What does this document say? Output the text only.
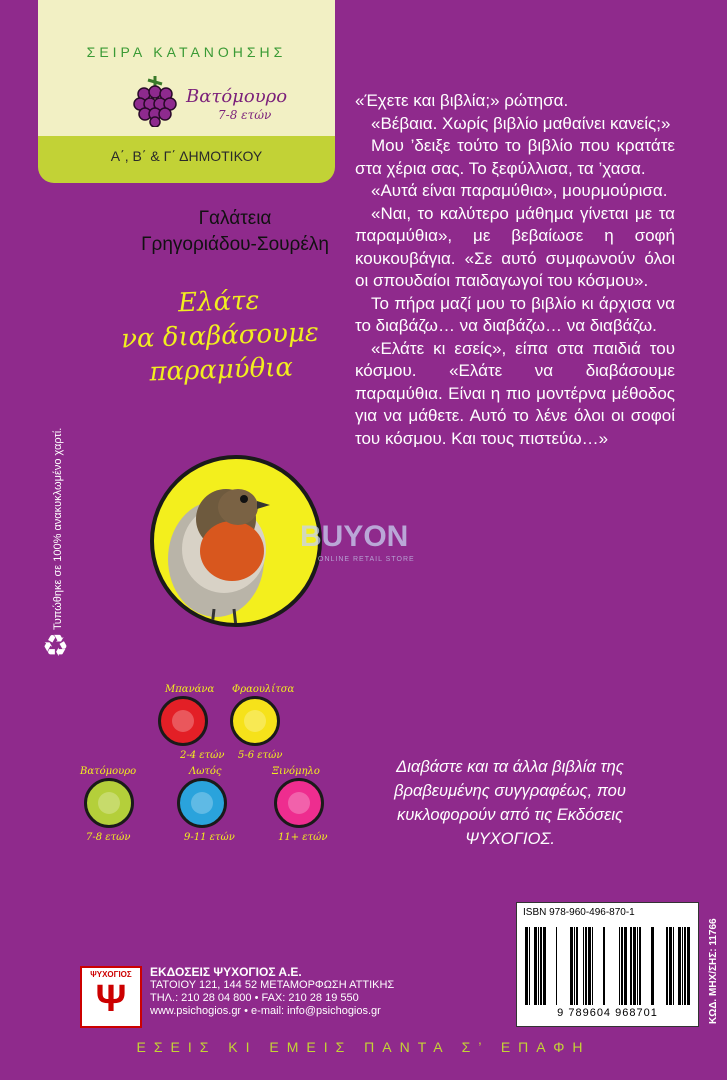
ΣΕΙΡΑ ΚΑΤΑΝΟΗΣΗΣ
Βατόμουρο
7-8 ετών
Α΄, Β΄ & Γ΄ ΔΗΜΟΤΙΚΟΥ
Γαλάτεια
Γρηγοριάδου-Σουρέλη
Ελάτε
να διαβάσουμε
παραμύθια
BUYON
ONLINE RETAIL STORE
Τυπώθηκε σε 100% ανακυκλωμένο χαρτί.
♻
Μπανάνα
2-4 ετών
Φραουλίτσα
5-6 ετών
Βατόμουρο
7-8 ετών
Λωτός
9-11 ετών
Ξινόμηλο
11+ ετών

«Έχετε και βιβλία;» ρώτησα.

«Βέβαια. Χωρίς βιβλίο μαθαίνει κανείς;»

Μου ’δειξε τούτο το βιβλίο που κρατάτε στα χέρια σας. Το ξεφύλλισα, τα ’χασα.

«Αυτά είναι παραμύθια», μουρμούρισα.

«Ναι, το καλύτερο μάθημα γίνεται με τα παραμύθια», με βεβαίωσε η σοφή κουκουβάγια. «Σε αυτό συμφωνούν όλοι οι σπουδαίοι παιδαγωγοί του κόσμου».

Το πήρα μαζί μου το βιβλίο κι άρχισα να το διαβάζω… να διαβάζω… να διαβάζω.

«Ελάτε κι εσείς», είπα στα παιδιά του κόσμου. «Ελάτε να διαβάσουμε παραμύθια. Είναι η πιο μοντέρνα μέθοδος για να μάθετε. Αυτό το λένε όλοι οι σοφοί του κόσμου. Και τους πιστεύω…»

Διαβάστε και τα άλλα βιβλία της βραβευμένης συγγραφέως, που κυκλοφορούν από τις Εκδόσεις ΨΥΧΟΓΙΟΣ.
ISBN 978-960-496-870-1
9 789604 968701	ΚΩΔ. ΜΗΧ/ΣΗΣ: 11766
ΨΥΧΟΓΙΟΣ
Ψ
ΕΚΔΟΣΕΙΣ ΨΥΧΟΓΙΟΣ Α.Ε.
ΤΑΤΟΙΟΥ 121, 144 52 ΜΕΤΑΜΟΡΦΩΣΗ ΑΤΤΙΚΗΣ
ΤΗΛ.: 210 28 04 800 • FAX: 210 28 19 550
www.psichogios.gr • e-mail: info@psichogios.gr
ΕΣΕΙΣ ΚΙ ΕΜΕΙΣ ΠΑΝΤΑ Σ’ ΕΠΑΦΗ
